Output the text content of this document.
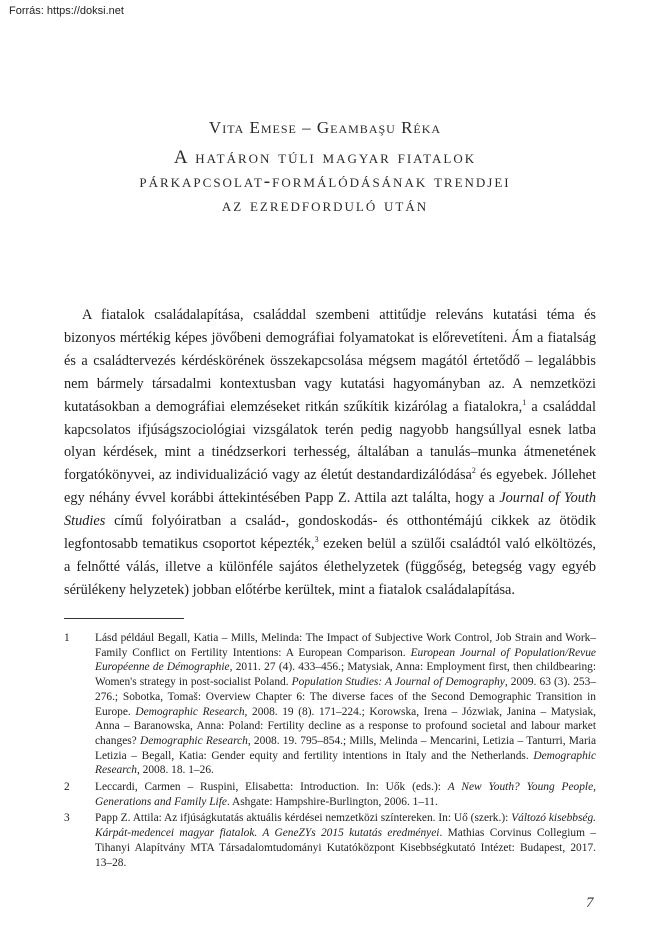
Forrás: https://doksi.net
Vita Emese – Geambaşu Réka
A határon túli magyar fiatalok
párkapcsolat-formálódásának trendjei
az ezredforduló után

A fiatalok családalapítása, családdal szembeni attitűdje releváns kutatási téma és bizonyos mértékig képes jövőbeni demográfiai folyamatokat is előrevetíteni. Ám a fiatalság és a családtervezés kérdéskörének összekapcsolása mégsem magától értetődő – legalábbis nem bármely társadalmi kontextusban vagy kutatási hagyományban az. A nemzetközi kutatásokban a demográfiai elemzéseket ritkán szűkítik kizárólag a fiatalokra,$^1$ a családdal kapcsolatos ifjúságszociológiai vizsgálatok terén pedig nagyobb hangsúllyal esnek latba olyan kérdések, mint a tinédzserkori terhesség, általában a tanulás–munka átmenetének forgatókönyvei, az individualizáció vagy az életút destandardizálódása$^2$ és egyebek. Jóllehet egy néhány évvel korábbi áttekintésében Papp Z. Attila azt találta, hogy a Journal of Youth Studies című folyóiratban a család-, gondoskodás- és otthontémájú cikkek az ötödik legfontosabb tematikus csoportot képezték,$^3$ ezeken belül a szülői családtól való elköltözés, a felnőtté válás, illetve a különféle sajátos élethelyzetek (függőség, betegség vagy egyéb sérülékeny helyzetek) jobban előtérbe kerültek, mint a fiatalok családalapítása.

1 Lásd például Begall, Katia – Mills, Melinda: The Impact of Subjective Work Control, Job Strain and Work–Family Conflict on Fertility Intentions: A European Comparison. European Journal of Population/Revue Européenne de Démographie, 2011. 27 (4). 433–456.; Matysiak, Anna: Employment first, then childbearing: Women's strategy in post-socialist Poland. Population Studies: A Journal of Demography, 2009. 63 (3). 253–276.; Sobotka, Tomaš: Overview Chapter 6: The diverse faces of the Second Demographic Transition in Europe. Demographic Research, 2008. 19 (8). 171–224.; Korowska, Irena – Józwiak, Janina – Matysiak, Anna – Baranowska, Anna: Poland: Fertility decline as a response to profound societal and labour market changes? Demographic Research, 2008. 19. 795–854.; Mills, Melinda – Mencarini, Letizia – Tanturri, Maria Letizia – Begall, Katia: Gender equity and fertility intentions in Italy and the Netherlands. Demographic Research, 2008. 18. 1–26.
2 Leccardi, Carmen – Ruspini, Elisabetta: Introduction. In: Uők (eds.): A New Youth? Young People, Generations and Family Life. Ashgate: Hampshire-Burlington, 2006. 1–11.
3 Papp Z. Attila: Az ifjúságkutatás aktuális kérdései nemzetközi színtereken. In: Uő (szerk.): Változó kisebbség. Kárpát-medencei magyar fiatalok. A GeneZYs 2015 kutatás eredményei. Mathias Corvinus Collegium – Tihanyi Alapítvány MTA Társadalomtudományi Kutatóközpont Kisebbségkutató Intézet: Budapest, 2017. 13–28.
7
